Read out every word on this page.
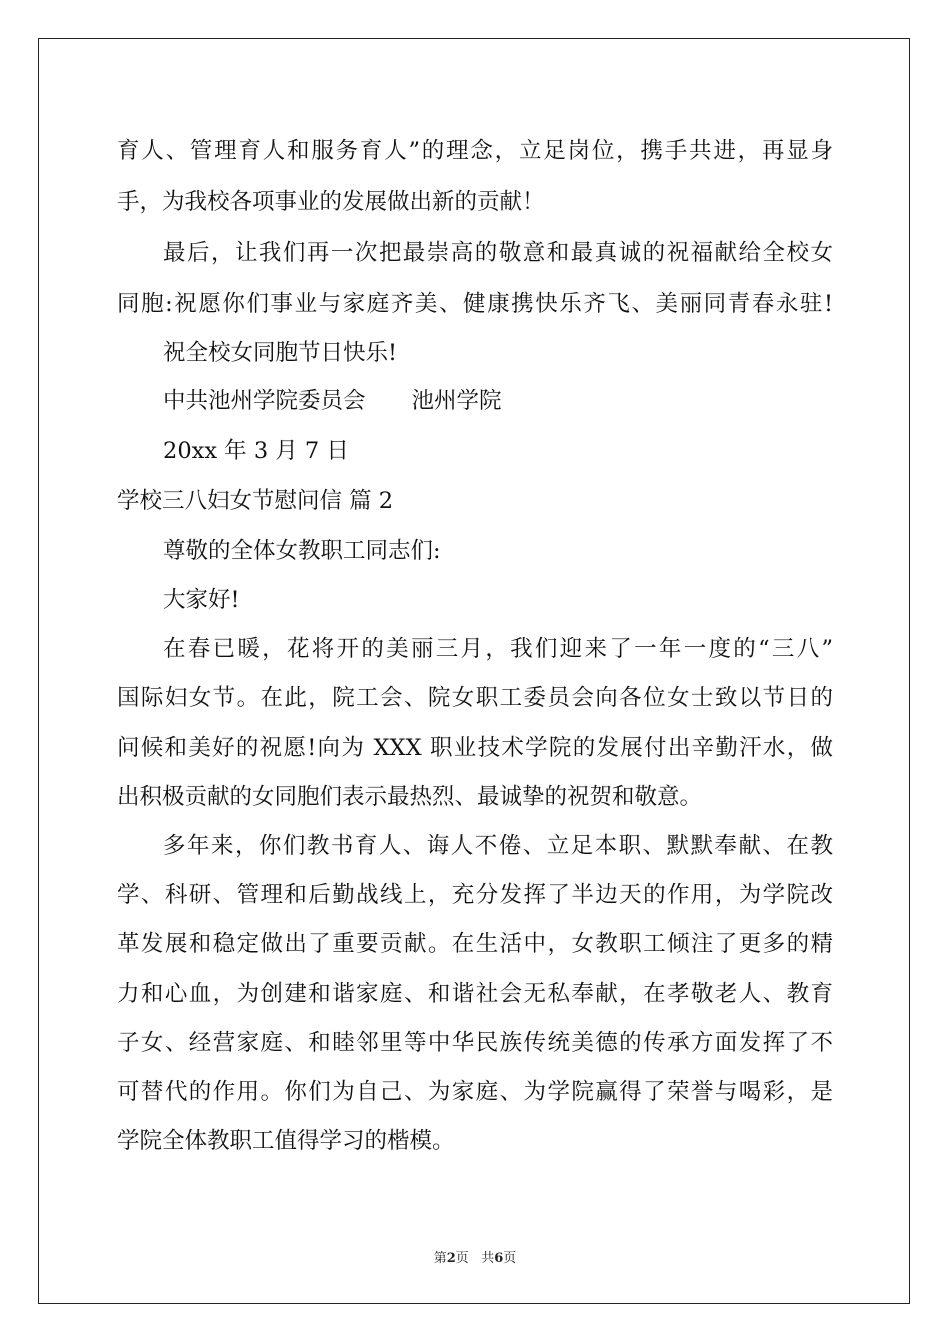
育人、管理育人和服务育人”的理念，立足岗位，携手共进，再显身
手，为我校各项事业的发展做出新的贡献！
最后，让我们再一次把最崇高的敬意和最真诚的祝福献给全校女
同胞:祝愿你们事业与家庭齐美、健康携快乐齐飞、美丽同青春永驻!
祝全校女同胞节日快乐!
中共池州学院委员会 池州学院
20xx 年 3 月 7 日
学校三八妇女节慰问信 篇 2
尊敬的全体女教职工同志们:
大家好!
在春已暖，花将开的美丽三月，我们迎来了一年一度的“三八”
国际妇女节。在此，院工会、院女职工委员会向各位女士致以节日的
问候和美好的祝愿!向为 XXX 职业技术学院的发展付出辛勤汗水，做
出积极贡献的女同胞们表示最热烈、最诚挚的祝贺和敬意。
多年来，你们教书育人、诲人不倦、立足本职、默默奉献、在教
学、科研、管理和后勤战线上，充分发挥了半边天的作用，为学院改
革发展和稳定做出了重要贡献。在生活中，女教职工倾注了更多的精
力和心血，为创建和谐家庭、和谐社会无私奉献，在孝敬老人、教育
子女、经营家庭、和睦邻里等中华民族传统美德的传承方面发挥了不
可替代的作用。你们为自己、为家庭、为学院赢得了荣誉与喝彩，是
学院全体教职工值得学习的楷模。
第2页 共6页
